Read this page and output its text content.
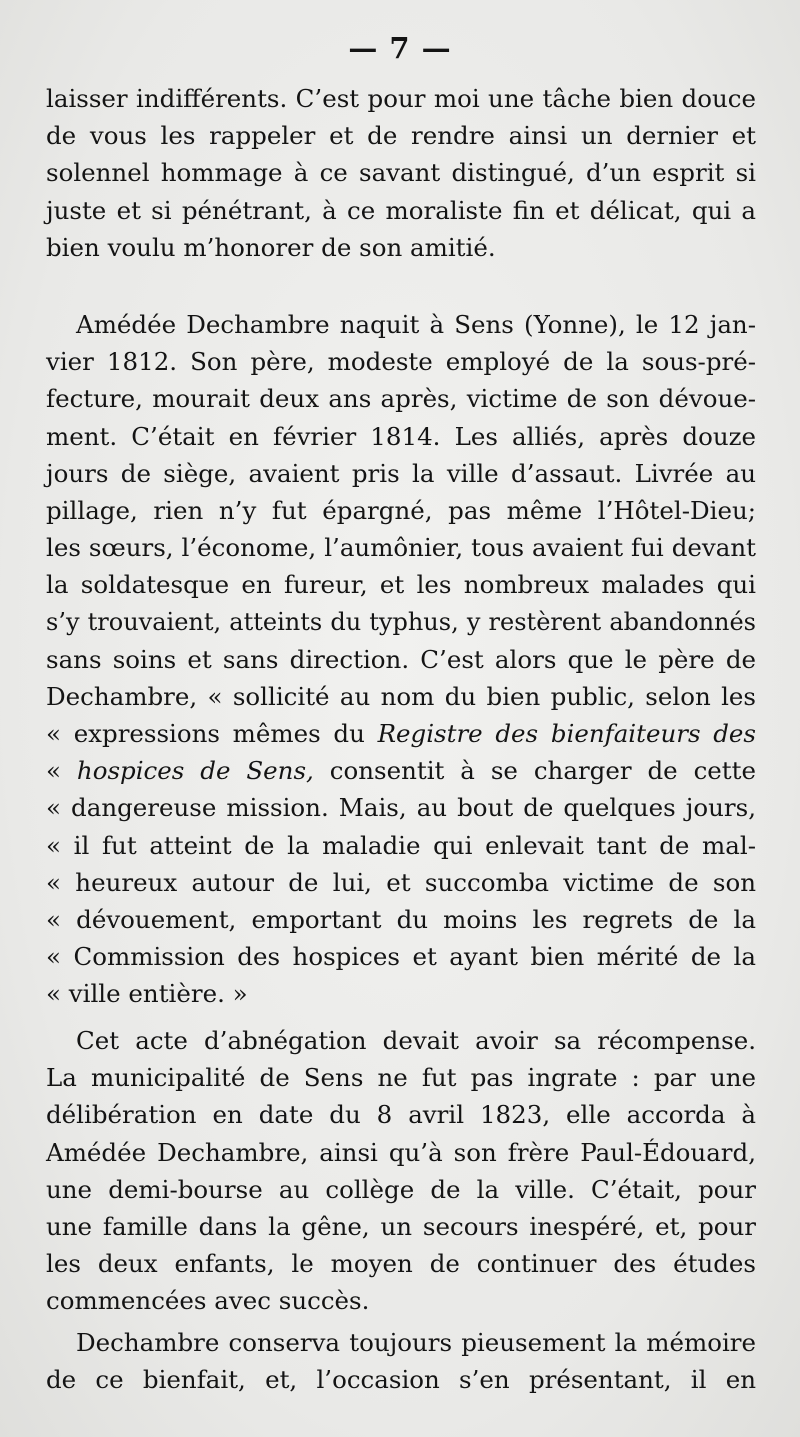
— 7 —
laisser indifférents. C’est pour moi une tâche bien douce
de vous les rappeler et de rendre ainsi un dernier et
solennel hommage à ce savant distingué, d’un esprit si
juste et si pénétrant, à ce moraliste fin et délicat, qui a
bien voulu m’honorer de son amitié.
Amédée Dechambre naquit à Sens (Yonne), le 12 jan-
vier 1812. Son père, modeste employé de la sous-pré-
fecture, mourait deux ans après, victime de son dévoue-
ment. C’était en février 1814. Les alliés, après douze
jours de siège, avaient pris la ville d’assaut. Livrée au
pillage, rien n’y fut épargné, pas même l’Hôtel-Dieu;
les sœurs, l’économe, l’aumônier, tous avaient fui devant
la soldatesque en fureur, et les nombreux malades qui
s’y trouvaient, atteints du typhus, y restèrent abandonnés
sans soins et sans direction. C’est alors que le père de
Dechambre, « sollicité au nom du bien public, selon les
« expressions mêmes du Registre des bienfaiteurs des
« hospices de Sens, consentit à se charger de cette
« dangereuse mission. Mais, au bout de quelques jours,
« il fut atteint de la maladie qui enlevait tant de mal-
« heureux autour de lui, et succomba victime de son
« dévouement, emportant du moins les regrets de la
« Commission des hospices et ayant bien mérité de la
« ville entière. »
Cet acte d’abnégation devait avoir sa récompense.
La municipalité de Sens ne fut pas ingrate : par une
délibération en date du 8 avril 1823, elle accorda à
Amédée Dechambre, ainsi qu’à son frère Paul-Édouard,
une demi-bourse au collège de la ville. C’était, pour
une famille dans la gêne, un secours inespéré, et, pour
les deux enfants, le moyen de continuer des études
commencées avec succès.
Dechambre conserva toujours pieusement la mémoire
de ce bienfait, et, l’occasion s’en présentant, il en
